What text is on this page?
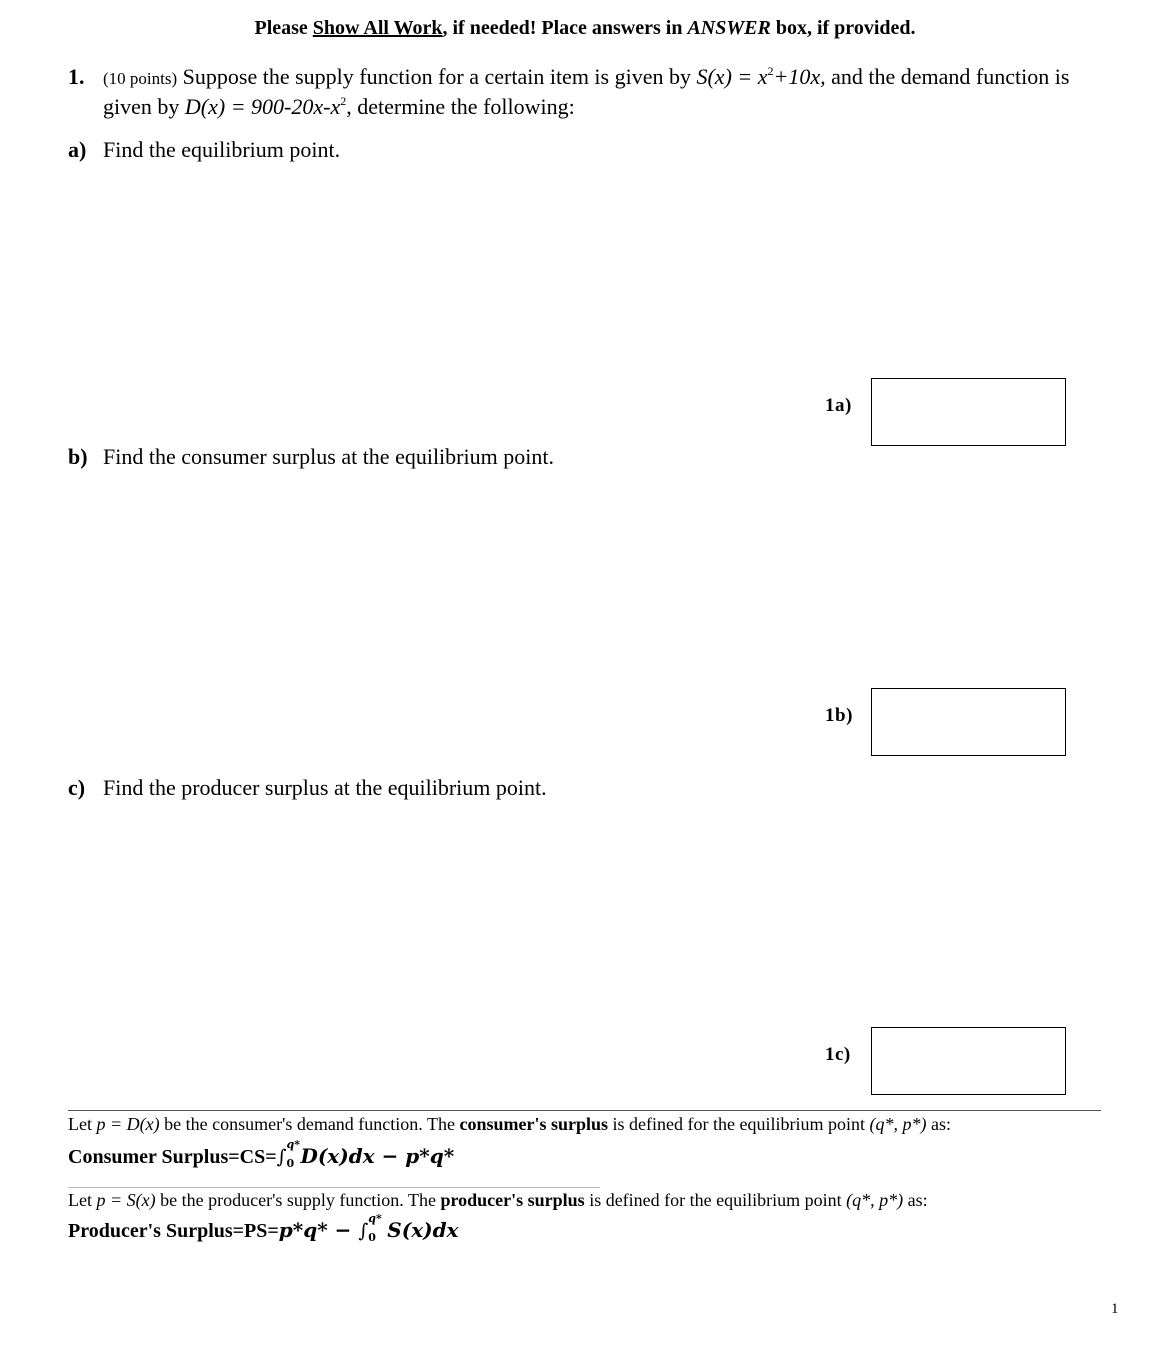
Please Show All Work, if needed! Place answers in ANSWER box, if provided.
1. (10 points) Suppose the supply function for a certain item is given by $S(x) = x^2+10x$, and the demand function is
given by $D(x) = 900-20x-x^2$, determine the following:
a) Find the equilibrium point.
1a)
b) Find the consumer surplus at the equilibrium point.
1b)
c) Find the producer surplus at the equilibrium point.
1c)
Let p = D(x) be the consumer's demand function. The consumer's surplus is defined for the equilibrium point (q*, p*) as:
Consumer Surplus=CS=∫
q*
0 D(x)dx − p*q*
Let p = S(x) be the producer's supply function. The producer's surplus is defined for the equilibrium point (q*, p*) as:
Producer's Surplus=PS=p*q* − ∫
q*
0 S(x)dx
1
